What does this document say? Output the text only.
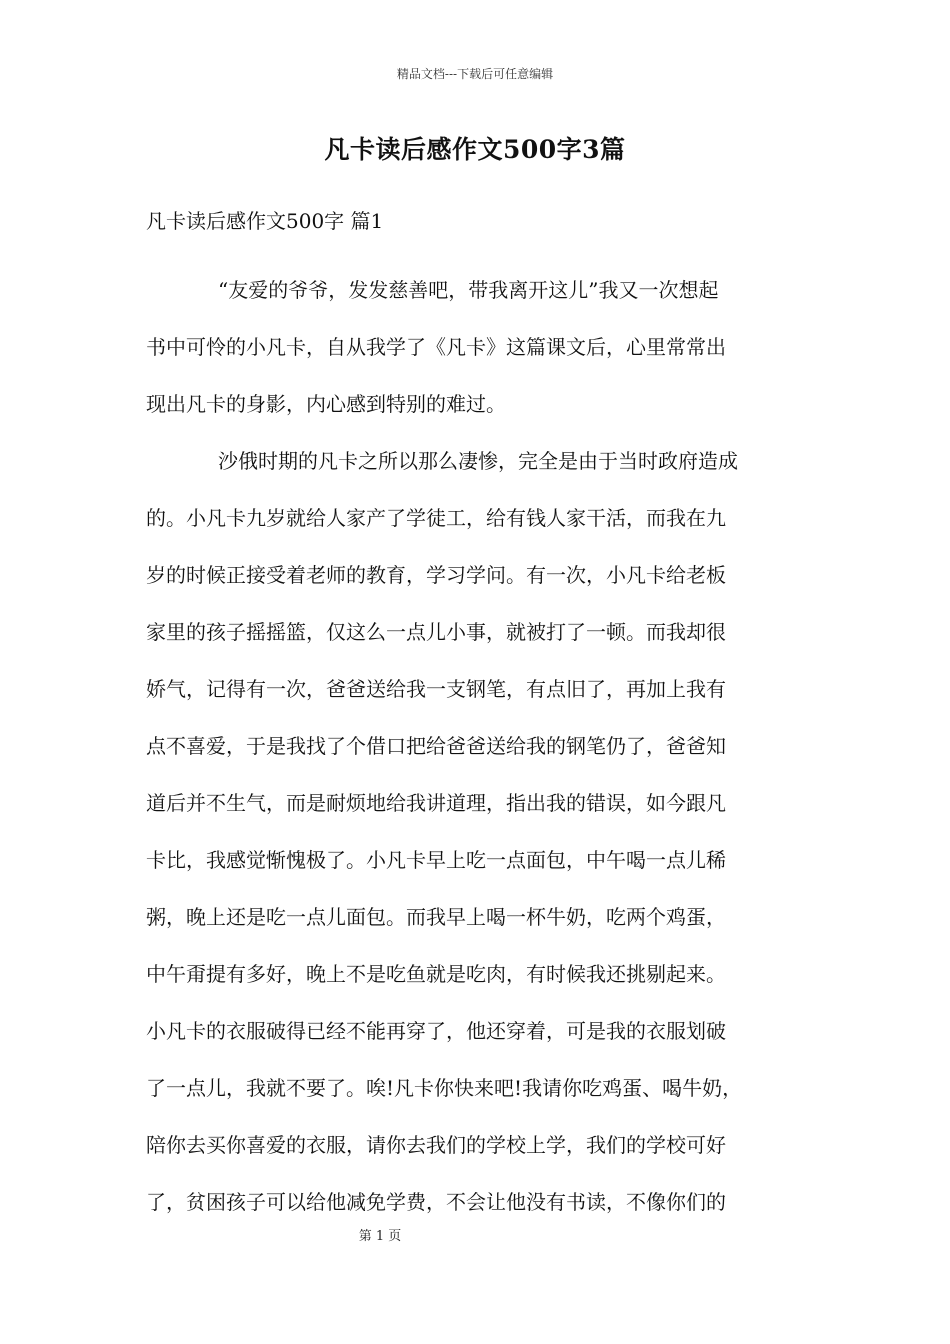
精品文档---下载后可任意编辑
凡卡读后感作文500字3篇
凡卡读后感作文500字 篇1
“友爱的爷爷，发发慈善吧，带我离开这儿”我又一次想起
书中可怜的小凡卡，自从我学了《凡卡》这篇课文后，心里常常出
现出凡卡的身影，内心感到特别的难过。
沙俄时期的凡卡之所以那么凄惨，完全是由于当时政府造成
的。小凡卡九岁就给人家产了学徒工，给有钱人家干活，而我在九
岁的时候正接受着老师的教育，学习学问。有一次，小凡卡给老板
家里的孩子摇摇篮，仅这么一点儿小事，就被打了一顿。而我却很
娇气，记得有一次，爸爸送给我一支钢笔，有点旧了，再加上我有
点不喜爱，于是我找了个借口把给爸爸送给我的钢笔仍了，爸爸知
道后并不生气，而是耐烦地给我讲道理，指出我的错误，如今跟凡
卡比，我感觉惭愧极了。小凡卡早上吃一点面包，中午喝一点儿稀
粥，晚上还是吃一点儿面包。而我早上喝一杯牛奶，吃两个鸡蛋，
中午甭提有多好，晚上不是吃鱼就是吃肉，有时候我还挑剔起来。
小凡卡的衣服破得已经不能再穿了，他还穿着，可是我的衣服划破
了一点儿，我就不要了。唉!凡卡你快来吧!我请你吃鸡蛋、喝牛奶，
陪你去买你喜爱的衣服，请你去我们的学校上学，我们的学校可好
了，贫困孩子可以给他减免学费，不会让他没有书读，不像你们的
第 1 页
